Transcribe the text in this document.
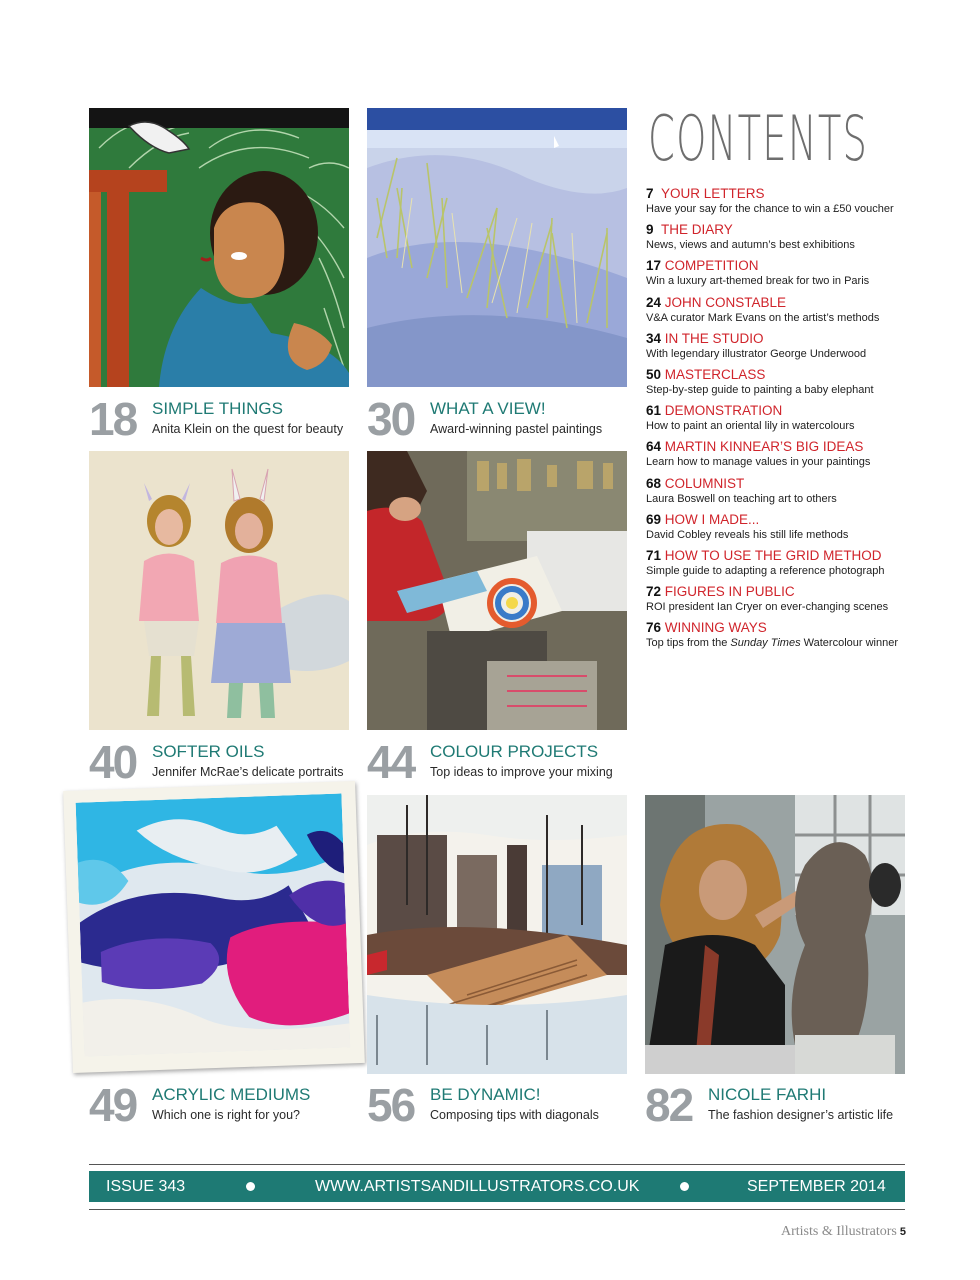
18 SIMPLE THINGS
Anita Klein on the quest for beauty 30 WHAT A VIEW!
Award-winning pastel paintings
40 SOFTER OILS
Jennifer McRae’s delicate portraits 44 COLOUR PROJECTS
Top ideas to improve your mixing
49 ACRYLIC MEDIUMS
Which one is right for you? 56 BE DYNAMIC!
Composing tips with diagonals 82 NICOLE FARHI
The fashion designer’s artistic life
CONTENTS
7 YOUR LETTERS
Have your say for the chance to win a £50 voucher
9 THE DIARY
News, views and autumn’s best exhibitions
17 COMPETITION
Win a luxury art-themed break for two in Paris
24 JOHN CONSTABLE
V&A curator Mark Evans on the artist’s methods
34 IN THE STUDIO
With legendary illustrator George Underwood
50 MASTERCLASS
Step-by-step guide to painting a baby elephant
61 DEMONSTRATION
How to paint an oriental lily in watercolours
64 MARTIN KINNEAR’S BIG IDEAS
Learn how to manage values in your paintings
68 COLUMNIST
Laura Boswell on teaching art to others
69 HOW I MADE...
David Cobley reveals his still life methods
71 HOW TO USE THE GRID METHOD
Simple guide to adapting a reference photograph
72 FIGURES IN PUBLIC
ROI president Ian Cryer on ever-changing scenes
76 WINNING WAYS
Top tips from the Sunday Times Watercolour winner
ISSUE 343	WWW.ARTISTSANDILLUSTRATORS.CO.UK	SEPTEMBER 2014
Artists & Illustrators 5
